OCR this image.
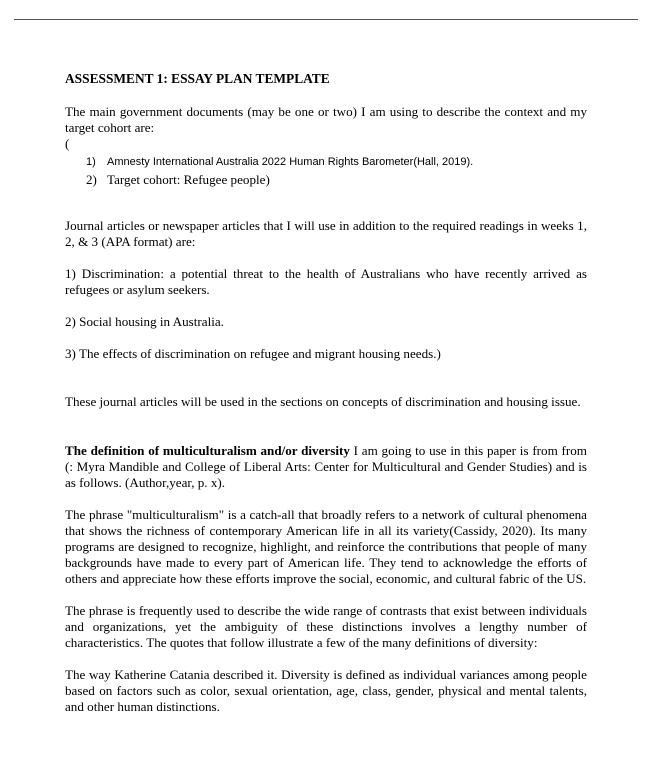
ASSESSMENT 1: ESSAY PLAN TEMPLATE

The main government documents (may be one or two) I am using to describe the context and my target cohort are:

(

1) Amnesty International Australia 2022 Human Rights Barometer(Hall, 2019).
2) Target cohort: Refugee people)

Journal articles or newspaper articles that I will use in addition to the required readings in weeks 1, 2, & 3 (APA format) are:

1) Discrimination: a potential threat to the health of Australians who have recently arrived as refugees or asylum seekers.

2) Social housing in Australia.

3) The effects of discrimination on refugee and migrant housing needs.)

These journal articles will be used in the sections on concepts of discrimination and housing issue.

The definition of multiculturalism and/or diversity I am going to use in this paper is from from (: Myra Mandible and College of Liberal Arts: Center for Multicultural and Gender Studies) and is as follows. (Author,year, p. x).

The phrase "multiculturalism" is a catch-all that broadly refers to a network of cultural phenomena that shows the richness of contemporary American life in all its variety(Cassidy, 2020). Its many programs are designed to recognize, highlight, and reinforce the contributions that people of many backgrounds have made to every part of American life. They tend to acknowledge the efforts of others and appreciate how these efforts improve the social, economic, and cultural fabric of the US.

The phrase is frequently used to describe the wide range of contrasts that exist between individuals and organizations, yet the ambiguity of these distinctions involves a lengthy number of characteristics. The quotes that follow illustrate a few of the many definitions of diversity:

The way Katherine Catania described it. Diversity is defined as individual variances among people based on factors such as color, sexual orientation, age, class, gender, physical and mental talents, and other human distinctions.
